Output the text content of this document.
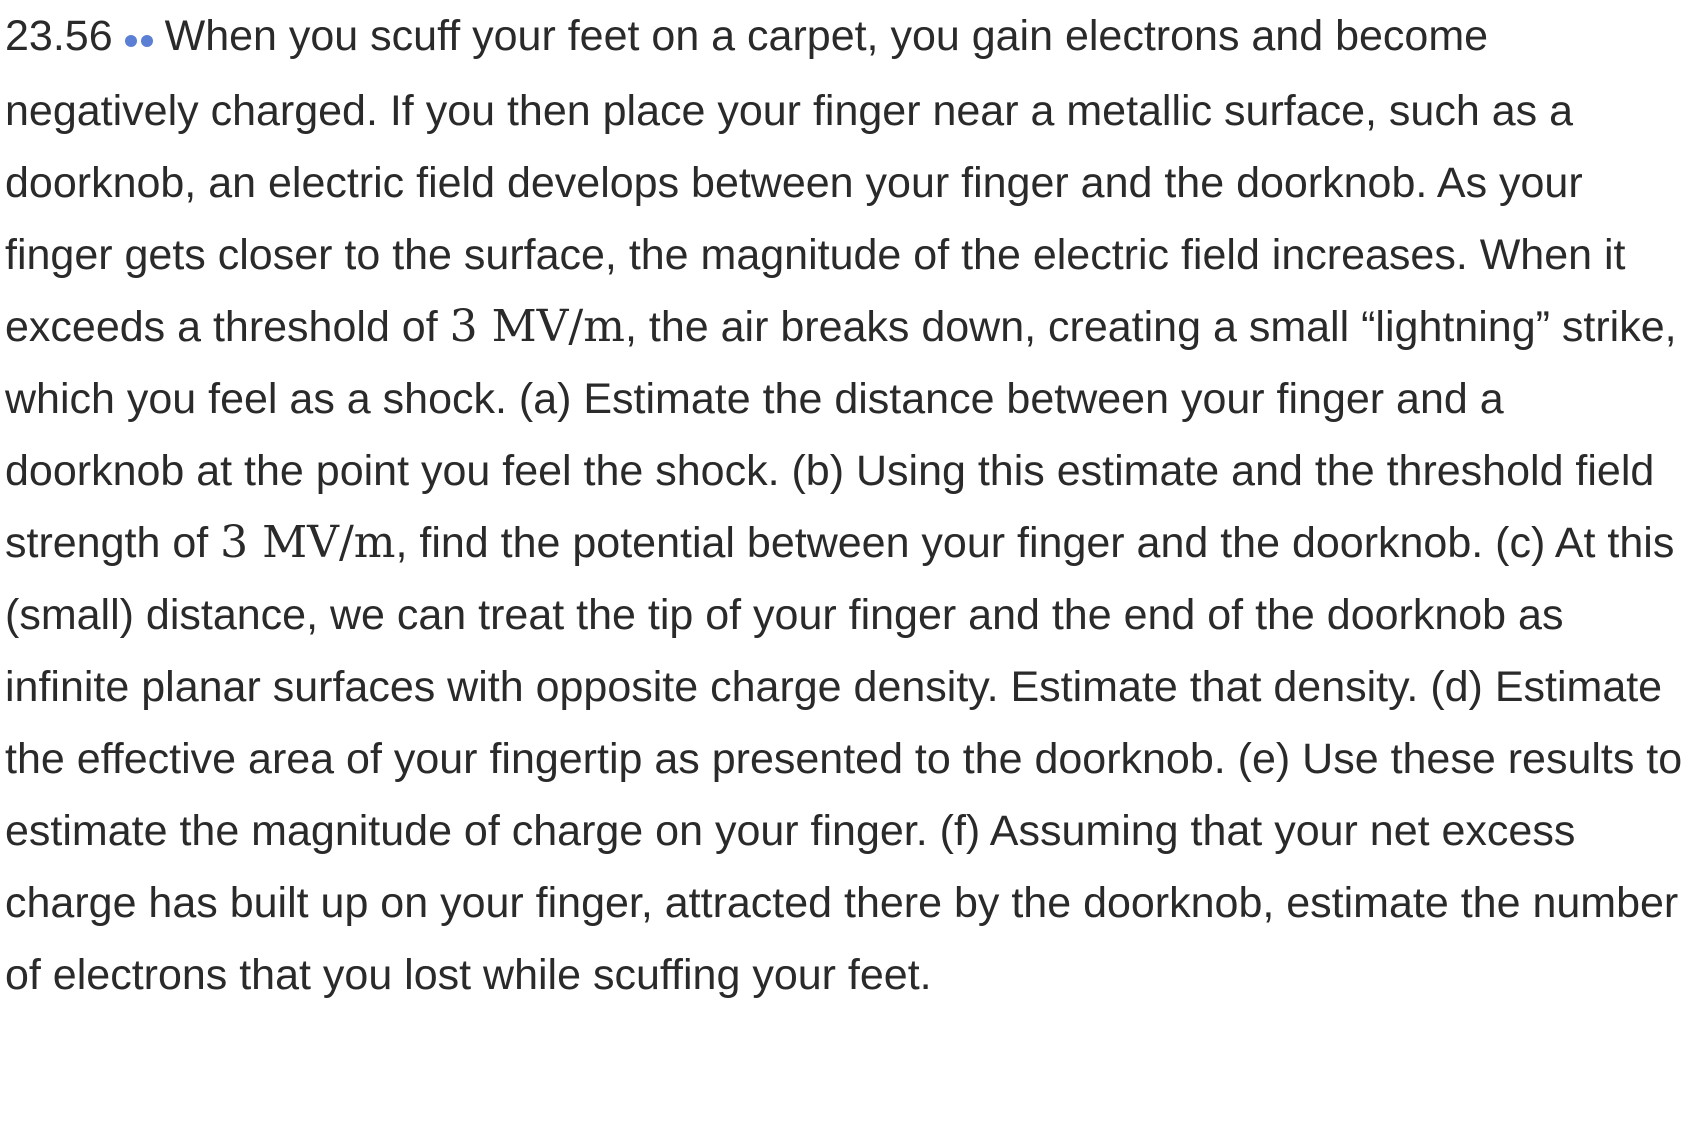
23.56 When you scuff your feet on a carpet, you gain electrons and become negatively charged. If you then place your finger near a metallic surface, such as a doorknob, an electric field develops between your finger and the doorknob. As your finger gets closer to the surface, the magnitude of the electric field increases. When it exceeds a threshold of 3 MV/m, the air breaks down, creating a small “lightning” strike, which you feel as a shock. (a) Estimate the distance between your finger and a doorknob at the point you feel the shock. (b) Using this estimate and the threshold field strength of 3 MV/m, find the potential between your finger and the doorknob. (c) At this (small) distance, we can treat the tip of your finger and the end of the doorknob as infinite planar surfaces with opposite charge density. Estimate that density. (d) Estimate the effective area of your fingertip as presented to the doorknob. (e) Use these results to estimate the magnitude of charge on your finger. (f) Assuming that your net excess charge has built up on your finger, attracted there by the doorknob, estimate the number of electrons that you lost while scuffing your feet.
